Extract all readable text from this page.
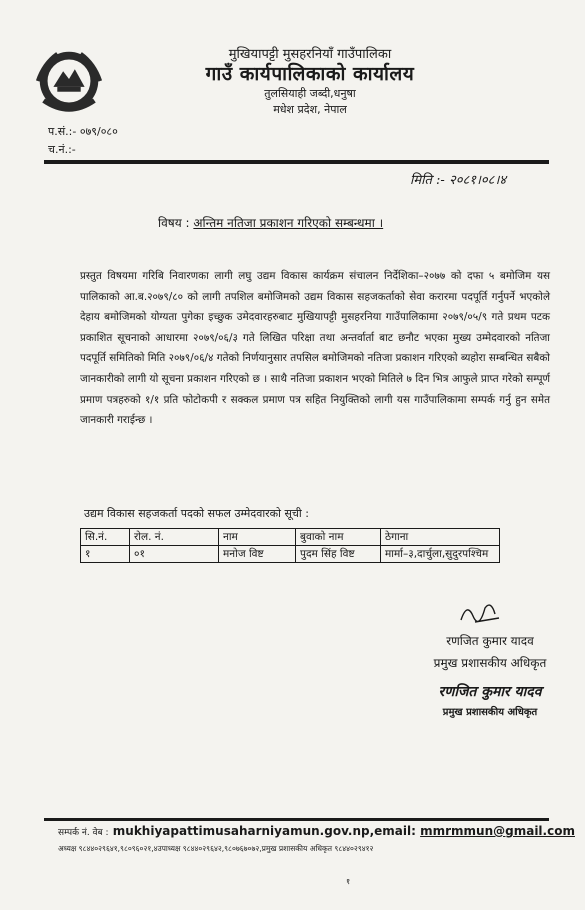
मुखियापट्टी मुसहरनियाँ गाउँपालिका
गाउँ कार्यपालिकाको कार्यालय
तुलसियाही जब्दी,धनुषा
मधेश प्रदेश, नेपाल
प.सं.:- ०७९/०८०
च.नं.:-
मिति :- २०८१।०८।४
विषय : अन्तिम नतिजा प्रकाशन गरिएको सम्बन्धमा ।
प्रस्तुत विषयमा गरिबि निवारणका लागी लघु उद्यम विकास कार्यक्रम संचालन निर्देशिका–२०७७ को दफा ५ बमोजिम यस पालिकाको आ.ब.२०७९/८० को लागी तपशिल बमोजिमको उद्यम विकास सहजकर्ताको सेवा करारमा पदपूर्ति गर्नुपर्ने भएकोले देहाय बमोजिमको योग्यता पुगेका इच्छुक उमेदवारहरुबाट मुखियापट्टी मुसहरनिया गाउँपालिकामा २०७९/०५/९ गते प्रथम पटक प्रकाशित सूचनाको आधारमा २०७९/०६/३ गते लिखित परिक्षा तथा अन्तर्वार्ता बाट छनौट भएका मुख्य उम्मेदवारको नतिजा पदपूर्ति समितिको मिति २०७९/०६/४ गतेको निर्णयानुसार तपसिल बमोजिमको नतिजा प्रकाशन गरिएको ब्यहोरा सम्बन्धित सबैको जानकारीको लागी यो सूचना प्रकाशन गरिएको छ । साथै नतिजा प्रकाशन भएको मितिले ७ दिन भित्र आफुले प्राप्त गरेको सम्पूर्ण प्रमाण पत्रहरुको १/१ प्रति फोटोकपी र सक्कल प्रमाण पत्र सहित नियुक्तिको लागी यस गाउँपालिकामा सम्पर्क गर्नु हुन समेत जानकारी गराईन्छ ।
उद्यम विकास सहजकर्ता पदको सफल उम्मेदवारको सूची :
सि.नं.	रोल. नं.	नाम	बुवाको नाम	ठेगाना
१	०१	मनोज विष्ट	पुदम सिंह विष्ट	मार्मा–३,दार्चुला,सुदुरपश्चिम
रणजित कुमार यादव
प्रमुख प्रशासकीय अधिकृत
रणजित कुमार यादव
प्रमुख प्रशासकीय अधिकृत
सम्पर्क नं. वेब : mukhiyapattimusaharniyamun.gov.np,email: mmrmmun@gmail.com
अध्यक्ष ९८४४०२९६४१,९८०९६०२१,४उपाध्यक्ष ९८४४०२९६४२,९८०७६७०७२,प्रमुख प्रशासकीय अधिकृत ९८४४०२९४१२
१
